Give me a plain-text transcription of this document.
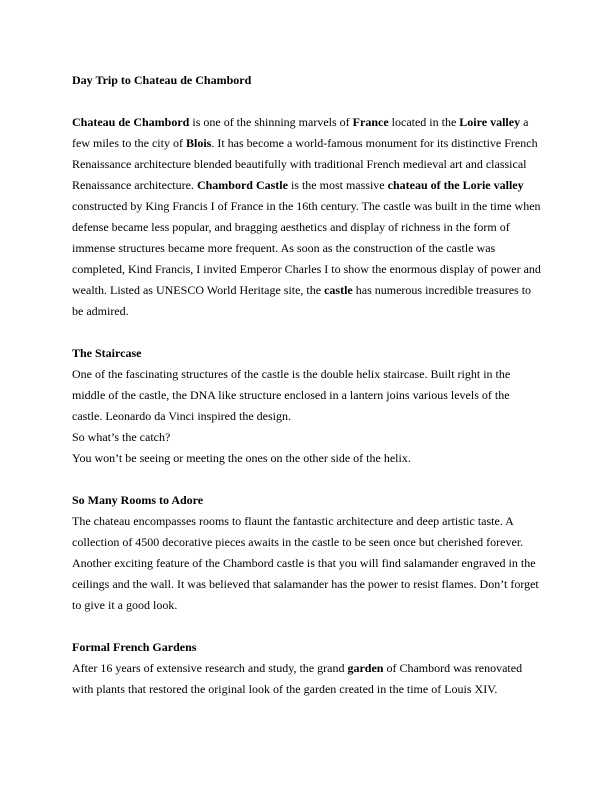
Day Trip to Chateau de Chambord

Chateau de Chambord is one of the shinning marvels of France located in the Loire valley a few miles to the city of Blois. It has become a world-famous monument for its distinctive French Renaissance architecture blended beautifully with traditional French medieval art and classical Renaissance architecture. Chambord Castle is the most massive chateau of the Lorie valley constructed by King Francis I of France in the 16th century. The castle was built in the time when defense became less popular, and bragging aesthetics and display of richness in the form of immense structures became more frequent. As soon as the construction of the castle was completed, Kind Francis, I invited Emperor Charles I to show the enormous display of power and wealth. Listed as UNESCO World Heritage site, the castle has numerous incredible treasures to be admired.

The Staircase

One of the fascinating structures of the castle is the double helix staircase. Built right in the middle of the castle, the DNA like structure enclosed in a lantern joins various levels of the castle. Leonardo da Vinci inspired the design.

So what’s the catch?

You won’t be seeing or meeting the ones on the other side of the helix.

So Many Rooms to Adore

The chateau encompasses rooms to flaunt the fantastic architecture and deep artistic taste. A collection of 4500 decorative pieces awaits in the castle to be seen once but cherished forever. Another exciting feature of the Chambord castle is that you will find salamander engraved in the ceilings and the wall. It was believed that salamander has the power to resist flames. Don’t forget to give it a good look.

Formal French Gardens

After 16 years of extensive research and study, the grand garden of Chambord was renovated with plants that restored the original look of the garden created in the time of Louis XIV.
